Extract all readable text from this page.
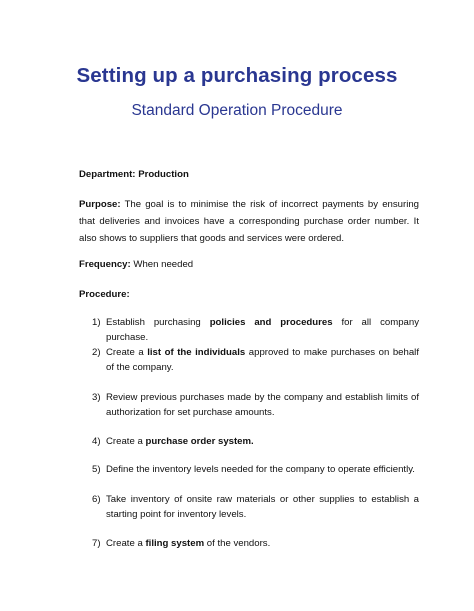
Setting up a purchasing process
Standard Operation Procedure
Department: Production
Purpose: The goal is to minimise the risk of incorrect payments by ensuring that deliveries and invoices have a corresponding purchase order number. It also shows to suppliers that goods and services were ordered.
Frequency: When needed
Procedure:
1) Establish purchasing policies and procedures for all company purchase.
2) Create a list of the individuals approved to make purchases on behalf of the company.
3) Review previous purchases made by the company and establish limits of authorization for set purchase amounts.
4) Create a purchase order system.
5) Define the inventory levels needed for the company to operate efficiently.
6) Take inventory of onsite raw materials or other supplies to establish a starting point for inventory levels.
7) Create a filing system of the vendors.
